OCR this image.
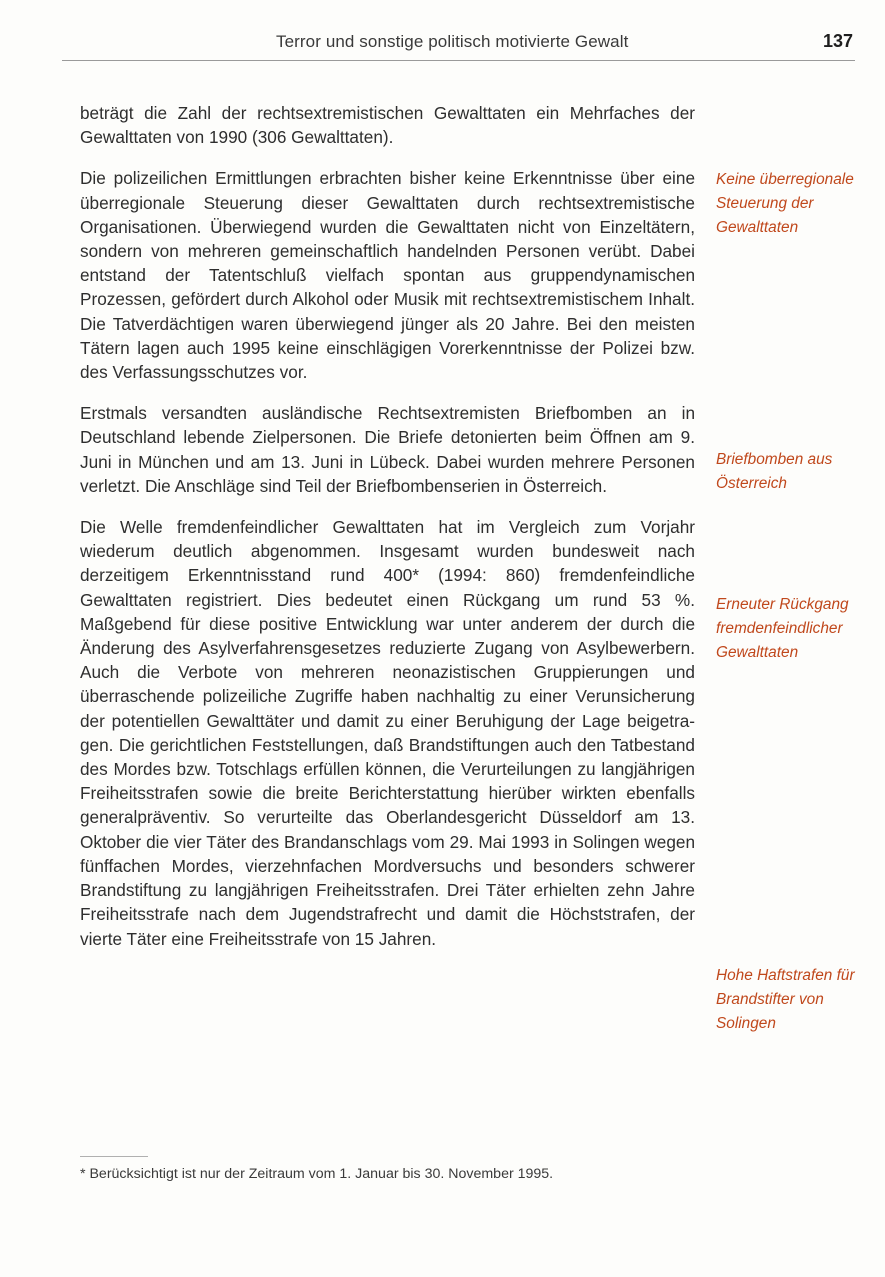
Terror und sonstige politisch motivierte Gewalt	137

beträgt die Zahl der rechtsextremistischen Gewalttaten ein Mehrfaches der Gewalttaten von 1990 (306 Gewalttaten).

Die polizeilichen Ermittlungen erbrachten bisher keine Erkenntnisse über eine überregionale Steuerung dieser Gewalttaten durch rechtsextremistische Organisationen. Überwiegend wurden die Gewalttaten nicht von Einzeltätern, sondern von mehreren gemeinschaftlich handelnden Personen verübt. Dabei entstand der Tatentschluß vielfach spontan aus gruppendynamischen Prozessen, gefördert durch Alkohol oder Musik mit rechtsextremistischem Inhalt. Die Tatverdächtigen waren überwiegend jünger als 20 Jahre. Bei den meisten Tätern lagen auch 1995 keine einschlägigen Vorerkenntnisse der Polizei bzw. des Verfassungsschutzes vor.

Erstmals versandten ausländische Rechtsextremisten Briefbomben an in Deutschland lebende Zielpersonen. Die Briefe detonierten beim Öffnen am 9. Juni in München und am 13. Juni in Lübeck. Dabei wurden mehrere Personen verletzt. Die Anschläge sind Teil der Briefbombenserien in Österreich.

Die Welle fremdenfeindlicher Gewalttaten hat im Vergleich zum Vorjahr wiederum deutlich abgenommen. Insgesamt wurden bundesweit nach derzeitigem Erkenntnisstand rund 400* (1994: 860) fremdenfeindliche Gewalttaten registriert. Dies bedeutet einen Rückgang um rund 53 %. Maßgebend für diese positive Entwicklung war unter anderem der durch die Änderung des Asylverfahrensgesetzes reduzierte Zugang von Asylbewerbern. Auch die Verbote von mehreren neonazistischen Gruppierungen und überraschende polizeiliche Zugriffe haben nachhaltig zu einer Verunsicherung der potentiellen Gewalttäter und damit zu einer Beruhigung der Lage beigetragen. Die gerichtlichen Feststellungen, daß Brandstiftungen auch den Tatbestand des Mordes bzw. Totschlags erfüllen können, die Verurteilungen zu langjährigen Freiheitsstrafen sowie die breite Berichterstattung hierüber wirkten ebenfalls generalpräventiv. So verurteilte das Oberlandesgericht Düsseldorf am 13. Oktober die vier Täter des Brandanschlags vom 29. Mai 1993 in Solingen wegen fünffachen Mordes, vierzehnfachen Mordversuchs und besonders schwerer Brandstiftung zu langjährigen Freiheitsstrafen. Drei Täter erhielten zehn Jahre Freiheitsstrafe nach dem Jugendstrafrecht und damit die Höchststrafen, der vierte Täter eine Freiheitsstrafe von 15 Jahren.

Keine überregionale Steuerung der Gewalttaten

Briefbomben aus Österreich

Erneuter Rückgang fremdenfeindlicher Gewalttaten

Hohe Haftstrafen für Brandstifter von Solingen

* Berücksichtigt ist nur der Zeitraum vom 1. Januar bis 30. November 1995.
